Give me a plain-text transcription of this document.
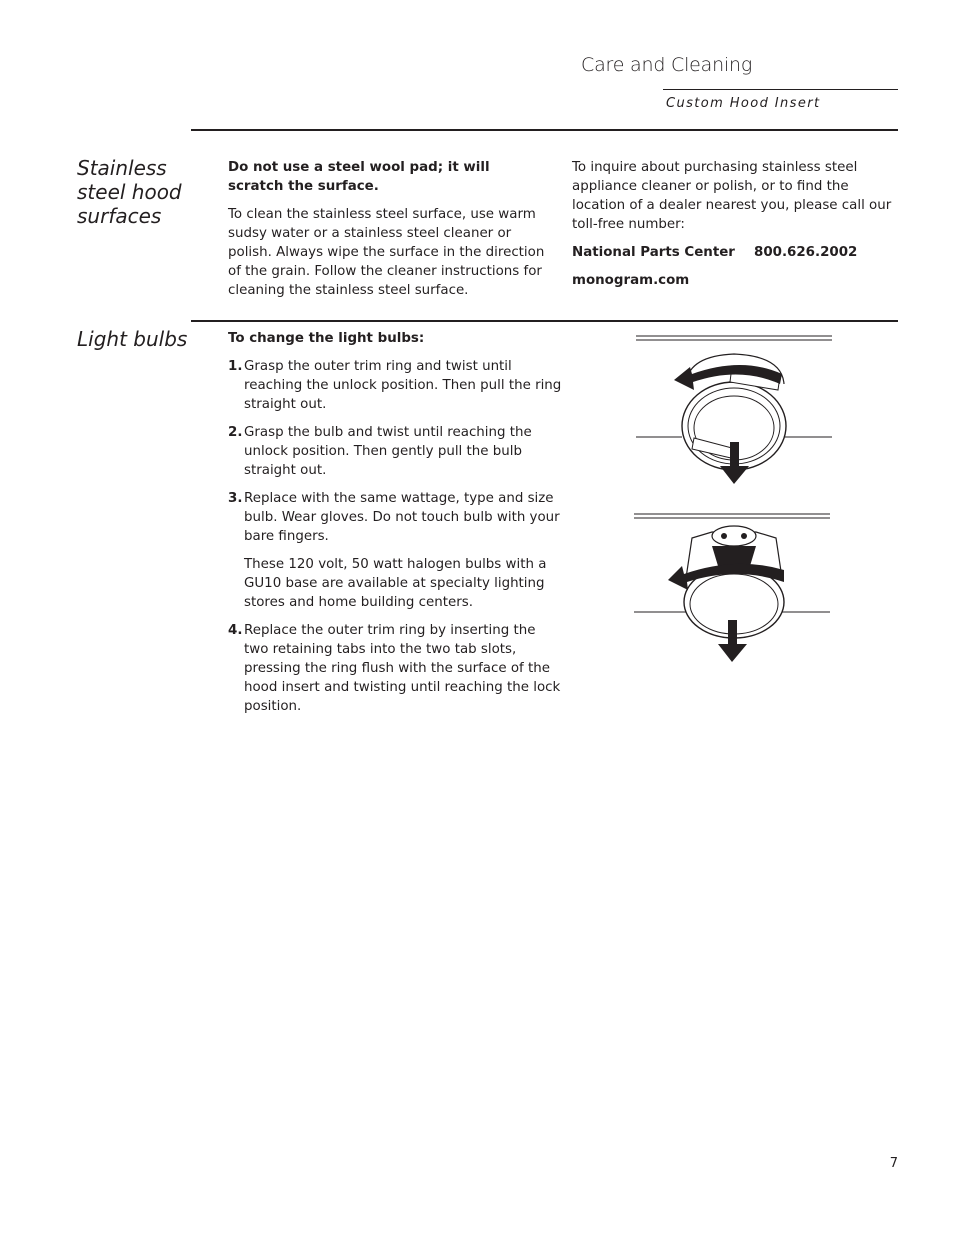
Care and Cleaning
Custom Hood Insert
Stainless steel hood surfaces

Do not use a steel wool pad; it will scratch the surface.

To clean the stainless steel surface, use warm sudsy water or a stainless steel cleaner or polish. Always wipe the surface in the direction of the grain. Follow the cleaner instructions for cleaning the stainless steel surface.

To inquire about purchasing stainless steel appliance cleaner or polish, or to find the location of a dealer nearest you, please call our toll-free number:

National Parts Center	800.626.2002

monogram.com

Light bulbs	To change the light bulbs:

1. Grasp the outer trim ring and twist until reaching the unlock position. Then pull the ring straight out.
2. Grasp the bulb and twist until reaching the unlock position. Then gently pull the bulb straight out.
3. Replace with the same wattage, type and size bulb. Wear gloves. Do not touch bulb with your bare fingers.

These 120 volt, 50 watt halogen bulbs with a GU10 base are available at specialty lighting stores and home building centers.

4. Replace the outer trim ring by inserting the two retaining tabs into the two tab slots, pressing the ring flush with the surface of the hood insert and twisting until reaching the lock position.
7
